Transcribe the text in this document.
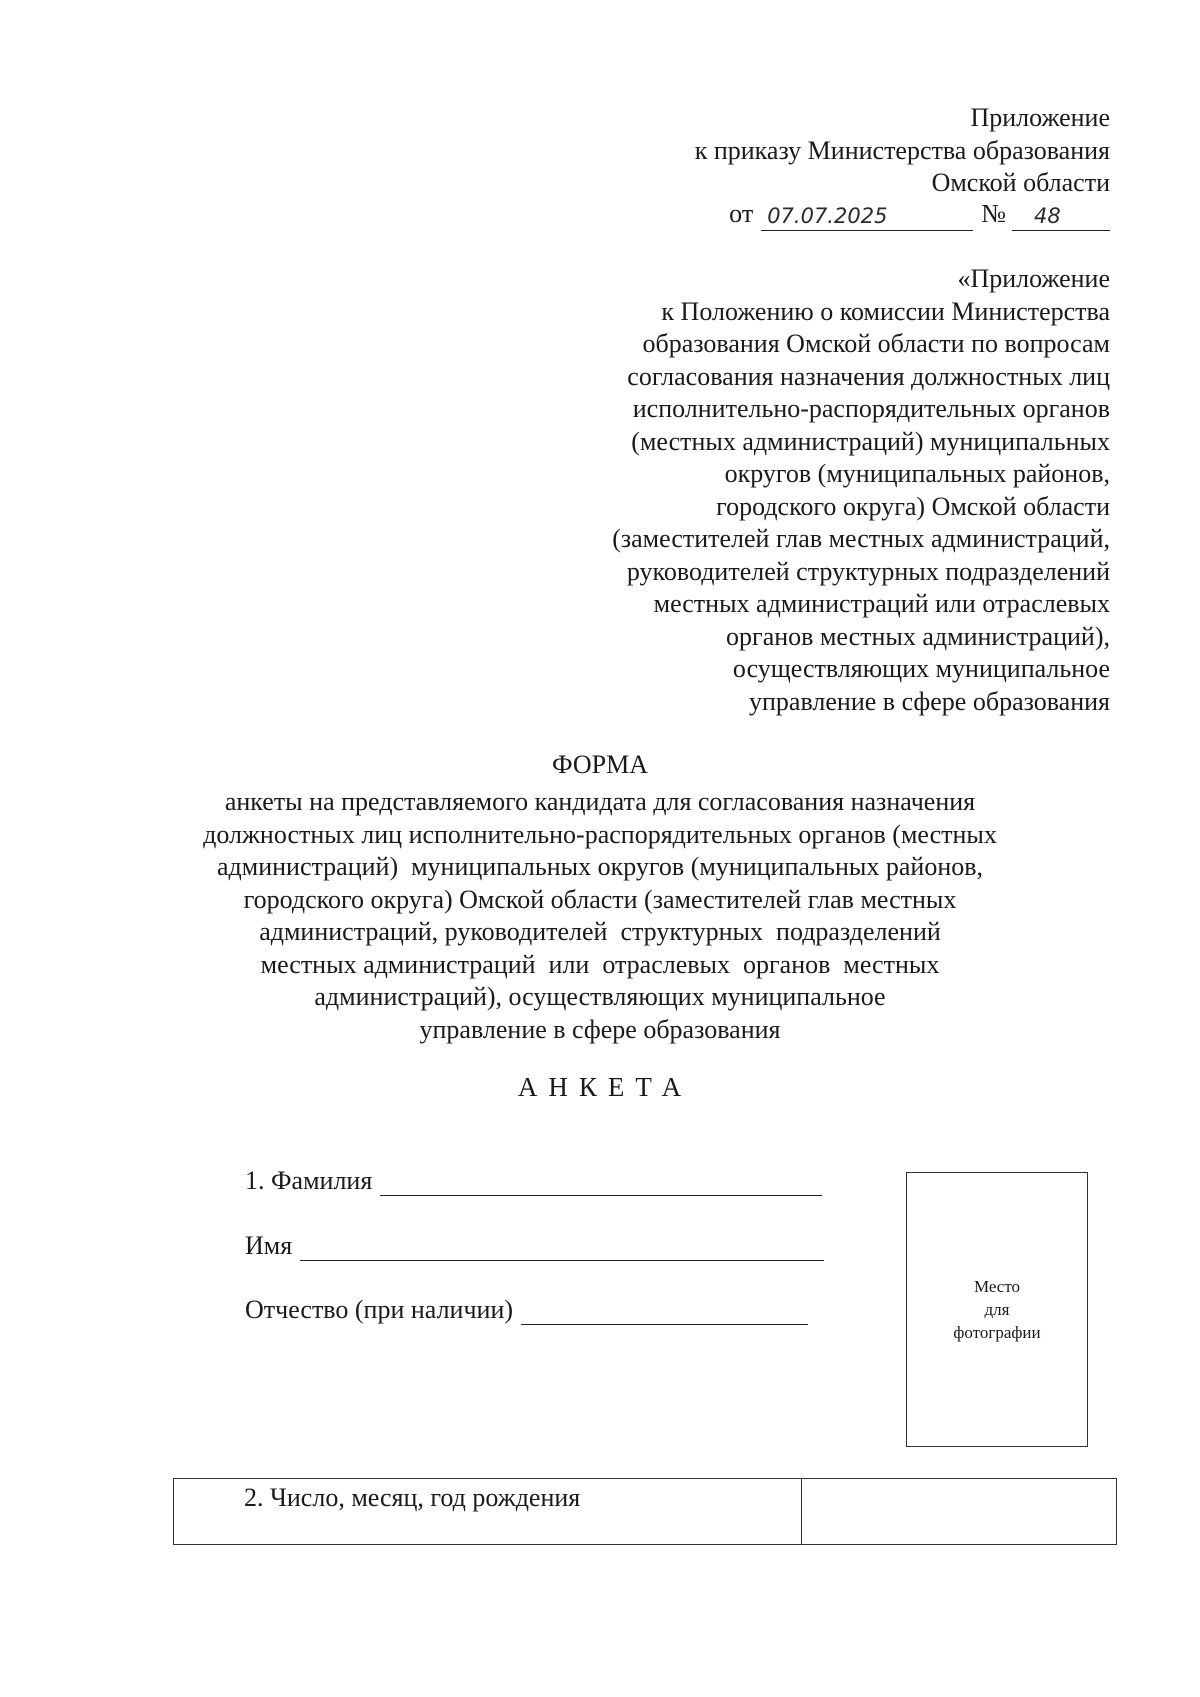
Приложение
к приказу Министерства образования
Омской области
от 07.07.2025	№	48
«Приложение
к Положению о комиссии Министерства
образования Омской области по вопросам
согласования назначения должностных лиц
исполнительно-распорядительных органов
(местных администраций) муниципальных
округов (муниципальных районов,
городского округа) Омской области
(заместителей глав местных администраций,
руководителей структурных подразделений
местных администраций или отраслевых
органов местных администраций),
осуществляющих муниципальное
управление в сфере образования
ФОРМА
анкеты на представляемого кандидата для согласования назначения
должностных лиц исполнительно-распорядительных органов (местных
администраций)  муниципальных округов (муниципальных районов,
городского округа) Омской области (заместителей глав местных
администраций, руководителей  структурных  подразделений
местных администраций  или  отраслевых  органов  местных
администраций), осуществляющих муниципальное
управление в сфере образования
АНКЕТА
1. Фамилия
Имя
Отчество (при наличии)
Место
для
фотографии
2. Число, месяц, год рождения	
